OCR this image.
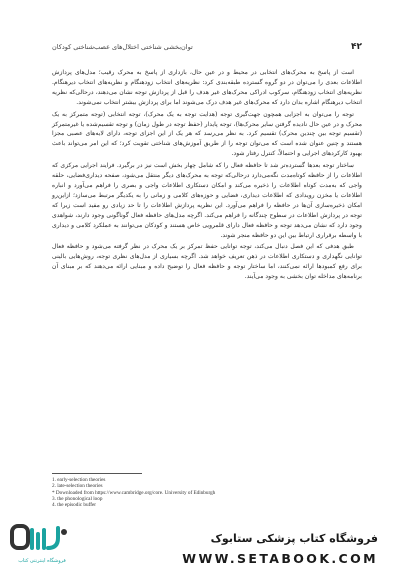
۴۲
توان‌بخشی شناختی اختلال‌های عصب‌شناختی کودکان

است از پاسخ به محرک‌های انتخابی در محیط و در عین حال، بازداری از پاسخ به محرک رقیب؛ مدل‌های پردازش اطلاعات بعدی را می‌توان در دو گروه گسترده طبقه‌بندی کرد: نظریه‌های انتخاب زودهنگام و نظریه‌های انتخاب دیرهنگام. نظریه‌های انتخاب زودهنگام، سرکوب ادراکی محرک‌های غیر هدف را قبل از پردازش توجه نشان می‌دهند، درحالی‌که نظریه انتخاب دیرهنگام اشاره بدان دارد که محرک‌های غیر هدف درک می‌شوند اما برای پردازش بیشتر انتخاب نمی‌شوند.

توجه را می‌توان به اجزایی همچون جهت‌گیری توجه (هدایت توجه به یک محرک)، توجه انتخابی (توجه متمرکز به یک محرک و در عین حال نادیده گرفتن سایر محرک‌ها)، توجه پایدار (حفظ توجه در طول زمان) و توجه تقسیم‌شده یا غیرمتمرکز (تقسیم توجه بین چندین محرک) تقسیم کرد. به نظر می‌رسد که هر یک از این اجزای توجه، دارای لایه‌های عصبی مجزا هستند و چنین عنوان شده است که می‌توان توجه را از طریق آموزش‌های شناختی تقویت کرد؛ که این امر می‌تواند باعث بهبود کارکردهای اجرایی و احتمالاً، کنترل رفتار شود.

ساختار توجه بعدها گسترده‌تر شد تا حافظه فعال را که شامل چهار بخش است نیز در برگیرد. فرایند اجرایی مرکزی که اطلاعات را از حافظه کوتاه‌مدت نگه‌می‌دارد درحالی‌که توجه به محرک‌های دیگر منتقل می‌شود، صفحه دیداری‌فضایی، حلقه واجی که به‌مدت کوتاه اطلاعات را ذخیره می‌کند و امکان دستکاری اطلاعات واجی و بصری را فراهم می‌آورد و انباره اطلاعات یا مخزن رویدادی که اطلاعات دیداری، فضایی و حوزه‌های کلامی و زمانی را به یکدیگر مرتبط می‌سازد؛ ازاین‌رو امکان ذخیره‌سازی آن‌ها در حافظه را فراهم می‌آورد. این نظریه پردازش اطلاعات را تا حد زیادی رو مفید است زیرا که توجه در پردازش اطلاعات در سطوح چندگانه را فراهم می‌کند. اگرچه مدل‌های حافظه فعال گوناگونی وجود دارند، شواهدی وجود دارد که نشان می‌دهد توجه و حافظه فعال دارای قلمرویی خاص هستند و کودکان می‌توانند به عملکرد کلامی و دیداری با واسطه برقراری ارتباط بین این دو حافظه منجر شوند.

طبق هدفی که این فصل دنبال می‌کند، توجه توانایی حفظ تمرکز بر یک محرک در نظر گرفته می‌شود و حافظه فعال توانایی نگهداری و دستکاری اطلاعات در ذهن تعریف خواهد شد. اگرچه بسیاری از مدل‌های نظری توجه، روش‌هایی بالینی برای رفع کمبودها ارائه نمی‌کنند، اما ساختار توجه و حافظه فعال را توضیح داده و مبنایی ارائه می‌دهند که بر مبنای آن برنامه‌های مداخله توان بخشی به وجود می‌آیند.

1. early-selection theories
2. late-selection theories
* Downloaded from https://www.cambridge.org/core. University of Edinburgh
3. the phonological loop
4. the episodic buffer
فروشگاه اینترنتی کتاب
فروشگاه کتاب پزشکی ستابوک
WWW.SETABOOK.COM
